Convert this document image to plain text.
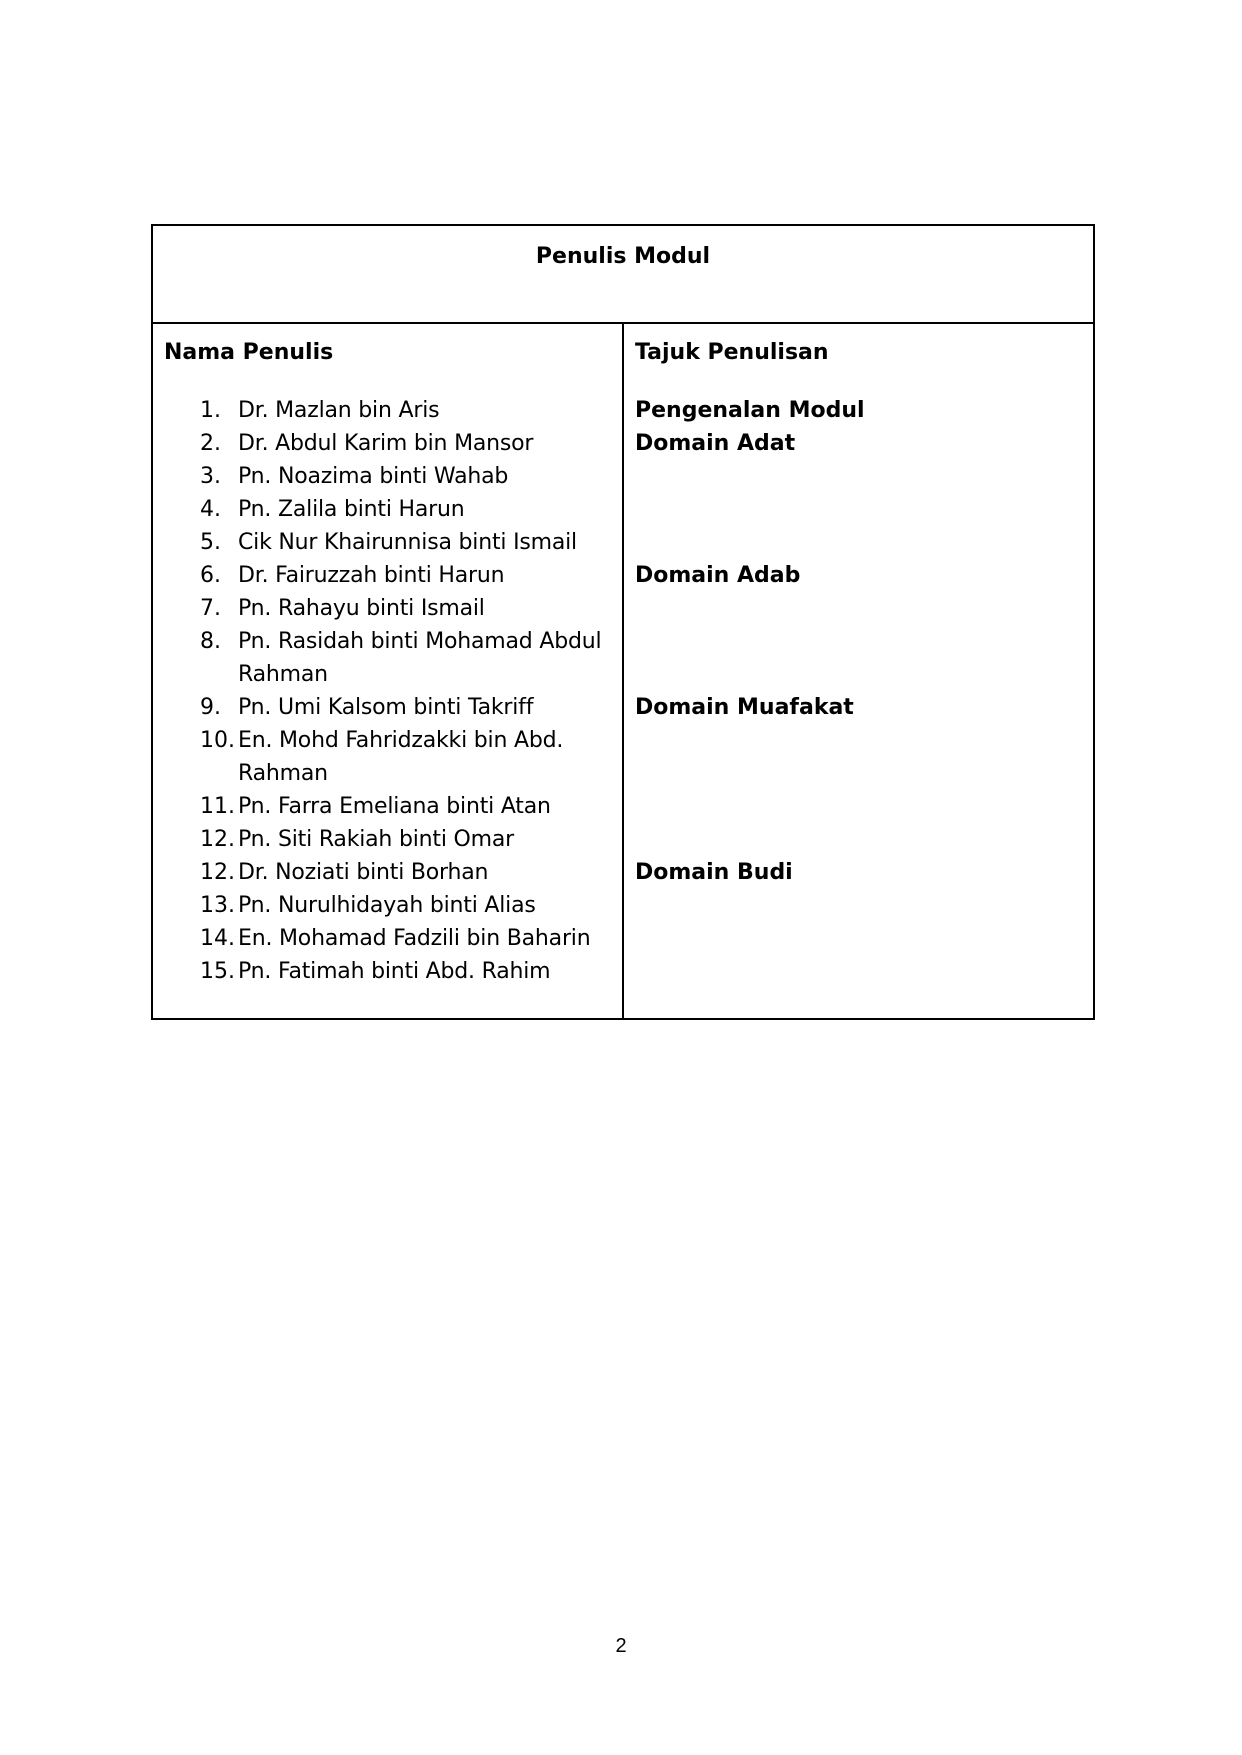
Penulis Modul
Nama Penulis
1. Dr. Mazlan bin Aris
2. Dr. Abdul Karim bin Mansor
3. Pn. Noazima binti Wahab
4. Pn. Zalila binti Harun
5. Cik Nur Khairunnisa binti Ismail
6. Dr. Fairuzzah binti Harun
7. Pn. Rahayu binti Ismail
8. Pn. Rasidah binti Mohamad Abdul Rahman
9. Pn. Umi Kalsom binti Takriff
10. En. Mohd Fahridzakki bin Abd. Rahman
11. Pn. Farra Emeliana binti Atan
12. Pn. Siti Rakiah binti Omar
12. Dr. Noziati binti Borhan
13. Pn. Nurulhidayah binti Alias
14. En. Mohamad Fadzili bin Baharin
15. Pn. Fatimah binti Abd. Rahim
Tajuk Penulisan
Pengenalan Modul
Domain Adat
Domain Adab
Domain Muafakat
Domain Budi
2
